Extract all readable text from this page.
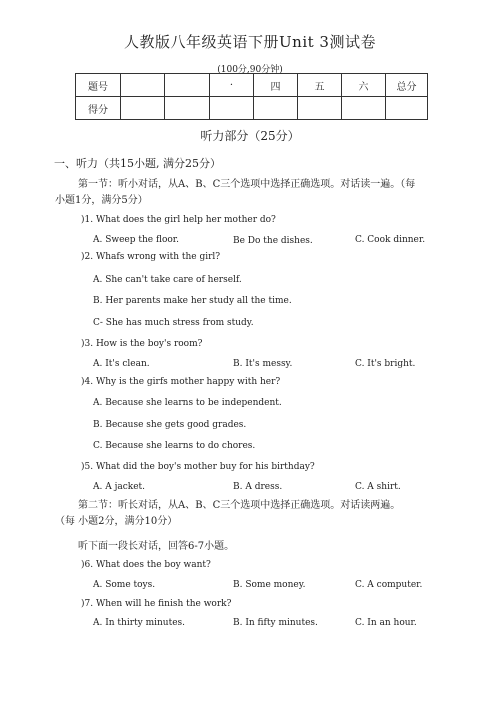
人教版八年级英语下册Unit 3测试卷
(100分,90分钟)
题号			·	四	五	六	总分
得分							
听力部分（25分）
一、听力（共15小题, 满分25分）
第一节：听小对话，从A、B、C三个选项中选择正确选项。对话读一遍。（每
小题1分，满分5分）
)1. What does the girl help her mother do?
A. Sweep the floor.	Be Do the dishes.	C. Cook dinner.
)2. Whafs wrong with the girl?
A. She can't take care of herself.
B. Her parents make her study all the time.
C- She has much stress from study.
)3. How is the boy's room?
A. It's clean.	B. It's messy.	C. It's bright.
)4. Why is the girfs mother happy with her?
A. Because she learns to be independent.
B. Because she gets good grades.
C. Because she learns to do chores.
)5. What did the boy's mother buy for his birthday?
A. A jacket.	B. A dress.	C. A shirt.
第二节：听长对话，从A、B、C三个选项中选择正确选项。对话读两遍。
（每 小题2分，满分10分）
听下面一段长对话，回答6-7小题。
)6. What does the boy want?
A. Some toys.	B. Some money.	C. A computer.
)7. When will he finish the work?
A. In thirty minutes.	B. In fifty minutes.	C. In an hour.
